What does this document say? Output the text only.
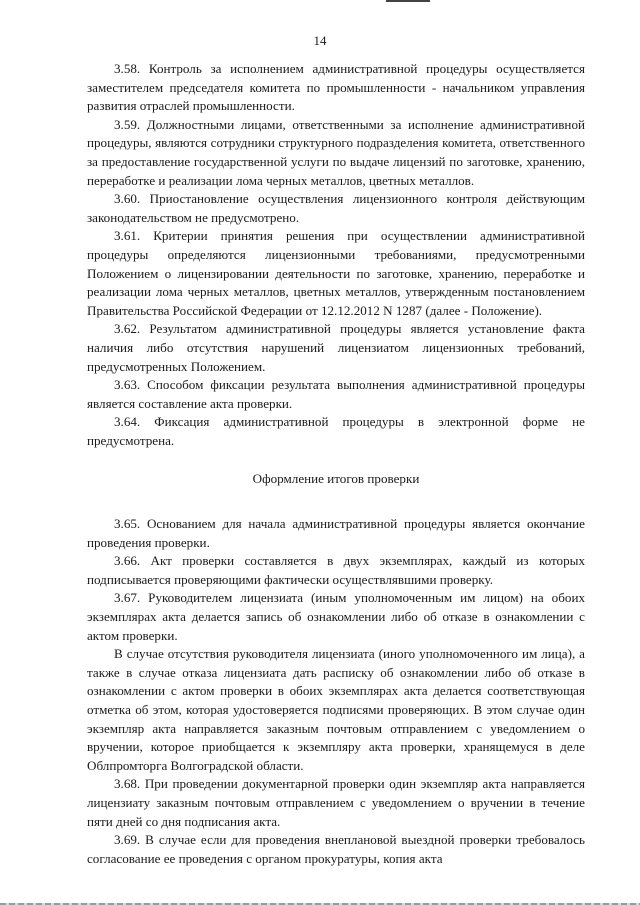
14

3.58. Контроль за исполнением административной процедуры осуществляется заместителем председателя комитета по промышленности - начальником управления развития отраслей промышленности.

3.59. Должностными лицами, ответственными за исполнение административной процедуры, являются сотрудники структурного подразделения комитета, ответственного за предоставление государственной услуги по выдаче лицензий по заготовке, хранению, переработке и реализации лома черных металлов, цветных металлов.

3.60. Приостановление осуществления лицензионного контроля действующим законодательством не предусмотрено.

3.61. Критерии принятия решения при осуществлении административной процедуры определяются лицензионными требованиями, предусмотренными Положением о лицензировании деятельности по заготовке, хранению, переработке и реализации лома черных металлов, цветных металлов, утвержденным постановлением Правительства Российской Федерации от 12.12.2012 N 1287 (далее - Положение).

3.62. Результатом административной процедуры является установление факта наличия либо отсутствия нарушений лицензиатом лицензионных требований, предусмотренных Положением.

3.63. Способом фиксации результата выполнения административной процедуры является составление акта проверки.

3.64. Фиксация административной процедуры в электронной форме не предусмотрена.

Оформление итогов проверки

3.65. Основанием для начала административной процедуры является окончание проведения проверки.

3.66. Акт проверки составляется в двух экземплярах, каждый из которых подписывается проверяющими фактически осуществлявшими проверку.

3.67. Руководителем лицензиата (иным уполномоченным им лицом) на обоих экземплярах акта делается запись об ознакомлении либо об отказе в ознакомлении с актом проверки.

В случае отсутствия руководителя лицензиата (иного уполномоченного им лица), а также в случае отказа лицензиата дать расписку об ознакомлении либо об отказе в ознакомлении с актом проверки в обоих экземплярах акта делается соответствующая отметка об этом, которая удостоверяется подписями проверяющих. В этом случае один экземпляр акта направляется заказным почтовым отправлением с уведомлением о вручении, которое приобщается к экземпляру акта проверки, хранящемуся в деле Облпромторга Волгоградской области.

3.68. При проведении документарной проверки один экземпляр акта направляется лицензиату заказным почтовым отправлением с уведомлением о вручении в течение пяти дней со дня подписания акта.

3.69. В случае если для проведения внеплановой выездной проверки требовалось согласование ее проведения с органом прокуратуры, копия акта
